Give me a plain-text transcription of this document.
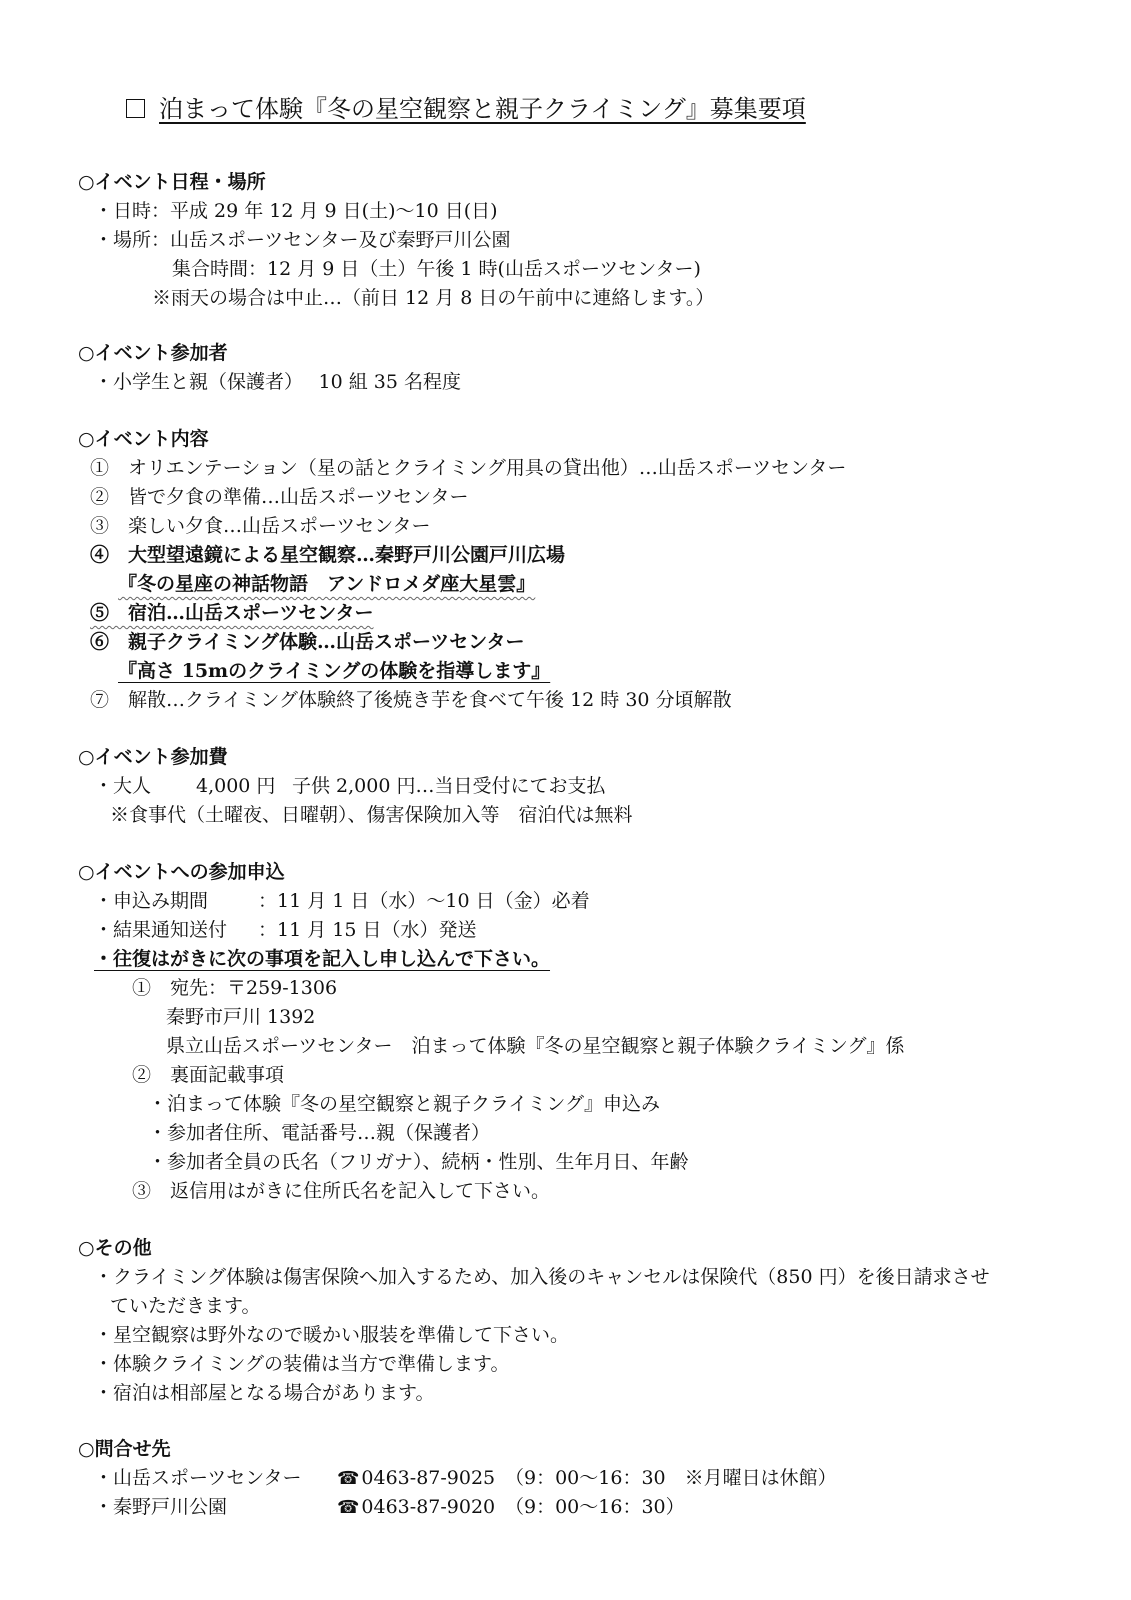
泊まって体験『冬の星空観察と親子クライミング』募集要項
○イベント日程・場所
・日時：平成 29 年 12 月 9 日(土)～10 日(日)
・場所：山岳スポーツセンター及び秦野戸川公園
集合時間：12 月 9 日（土）午後 1 時(山岳スポーツセンター)
※雨天の場合は中止…（前日 12 月 8 日の午前中に連絡します。）
○イベント参加者
・小学生と親（保護者）　 10 組 35 名程度
○イベント内容
①　オリエンテーション（星の話とクライミング用具の貸出他）…山岳スポーツセンター
②　皆で夕食の準備…山岳スポーツセンター
③　楽しい夕食…山岳スポーツセンター
④　大型望遠鏡による星空観察…秦野戸川公園戸川広場
『冬の星座の神話物語　アンドロメダ座大星雲』
⑤　宿泊…山岳スポーツセンター
⑥　親子クライミング体験…山岳スポーツセンター
『高さ 15mのクライミングの体験を指導します』
⑦　解散…クライミング体験終了後焼き芋を食べて午後 12 時 30 分頃解散
○イベント参加費
・大人 4,000 円 子供 2,000 円…当日受付にてお支払
※食事代（土曜夜、日曜朝）、傷害保険加入等　宿泊代は無料
○イベントへの参加申込
・申込み期間	：11 月 1 日（水）～10 日（金）必着
・結果通知送付 ：11 月 15 日（水）発送
・往復はがきに次の事項を記入し申し込んで下さい。
①　宛先：〒259-1306
秦野市戸川 1392
県立山岳スポーツセンター　泊まって体験『冬の星空観察と親子体験クライミング』係
②　裏面記載事項
・泊まって体験『冬の星空観察と親子クライミング』申込み
・参加者住所、電話番号…親（保護者）
・参加者全員の氏名（フリガナ）、続柄・性別、生年月日、年齢
③　返信用はがきに住所氏名を記入して下さい。
○その他
・クライミング体験は傷害保険へ加入するため、加入後のキャンセルは保険代（850 円）を後日請求させ
ていただきます。
・星空観察は野外なので暖かい服装を準備して下さい。
・体験クライミングの装備は当方で準備します。
・宿泊は相部屋となる場合があります。
○問合せ先
・山岳スポーツセンター ☎ 0463-87-9025 （9：00～16：30　※月曜日は休館）
・秦野戸川公園	☎ 0463-87-9020 （9：00～16：30）
